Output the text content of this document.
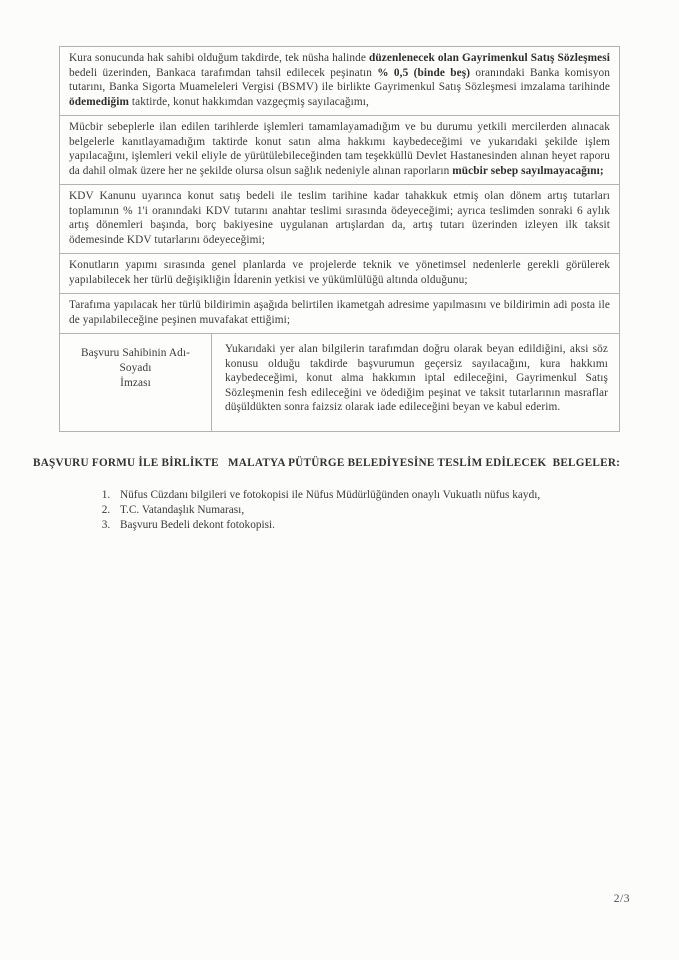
Kura sonucunda hak sahibi olduğum takdirde, tek nüsha halinde düzenlenecek olan Gayrimenkul Satış Sözleşmesi bedeli üzerinden, Bankaca tarafımdan tahsil edilecek peşinatın % 0,5 (binde beş) oranındaki Banka komisyon tutarını, Banka Sigorta Muameleleri Vergisi (BSMV) ile birlikte Gayrimenkul Satış Sözleşmesi imzalama tarihinde ödemediğim taktirde, konut hakkımdan vazgeçmiş sayılacağımı,
Mücbir sebeplerle ilan edilen tarihlerde işlemleri tamamlayamadığım ve bu durumu yetkili mercilerden alınacak belgelerle kanıtlayamadığım taktirde konut satın alma hakkımı kaybedeceğimi ve yukarıdaki şekilde işlem yapılacağını, işlemleri vekil eliyle de yürütülebileceğinden tam teşekküllü Devlet Hastanesinden alınan heyet raporu da dahil olmak üzere her ne şekilde olursa olsun sağlık nedeniyle alınan raporların mücbir sebep sayılmayacağını;
KDV Kanunu uyarınca konut satış bedeli ile teslim tarihine kadar tahakkuk etmiş olan dönem artış tutarları toplamının % 1'i oranındaki KDV tutarını anahtar teslimi sırasında ödeyeceğimi; ayrıca teslimden sonraki 6 aylık artış dönemleri başında, borç bakiyesine uygulanan artışlardan da, artış tutarı üzerinden izleyen ilk taksit ödemesinde KDV tutarlarını ödeyeceğimi;
Konutların yapımı sırasında genel planlarda ve projelerde teknik ve yönetimsel nedenlerle gerekli görülerek yapılabilecek her türlü değişikliğin İdarenin yetkisi ve yükümlülüğü altında olduğunu;
Tarafıma yapılacak her türlü bildirimin aşağıda belirtilen ikametgah adresime yapılmasını ve bildirimin adi posta ile de yapılabileceğine peşinen muvafakat ettiğimi;
Başvuru Sahibinin Adı-Soyadı
İmzası
Yukarıdaki yer alan bilgilerin tarafımdan doğru olarak beyan edildiğini, aksi söz konusu olduğu takdirde başvurumun geçersiz sayılacağını, kura hakkımı kaybedeceğimi, konut alma hakkımın iptal edileceğini, Gayrimenkul Satış Sözleşmenin fesh edileceğini ve ödediğim peşinat ve taksit tutarlarının masraflar düşüldükten sonra faizsiz olarak iade edileceğini beyan ve kabul ederim.
BAŞVURU FORMU İLE BİRLİKTE   MALATYA PÜTÜRGE BELEDİYESİNE TESLİM EDİLECEK  BELGELER:
1. Nüfus Cüzdanı bilgileri ve fotokopisi ile Nüfus Müdürlüğünden onaylı Vukuatlı nüfus kaydı,
2. T.C. Vatandaşlık Numarası,
3. Başvuru Bedeli dekont fotokopisi.
2/3
